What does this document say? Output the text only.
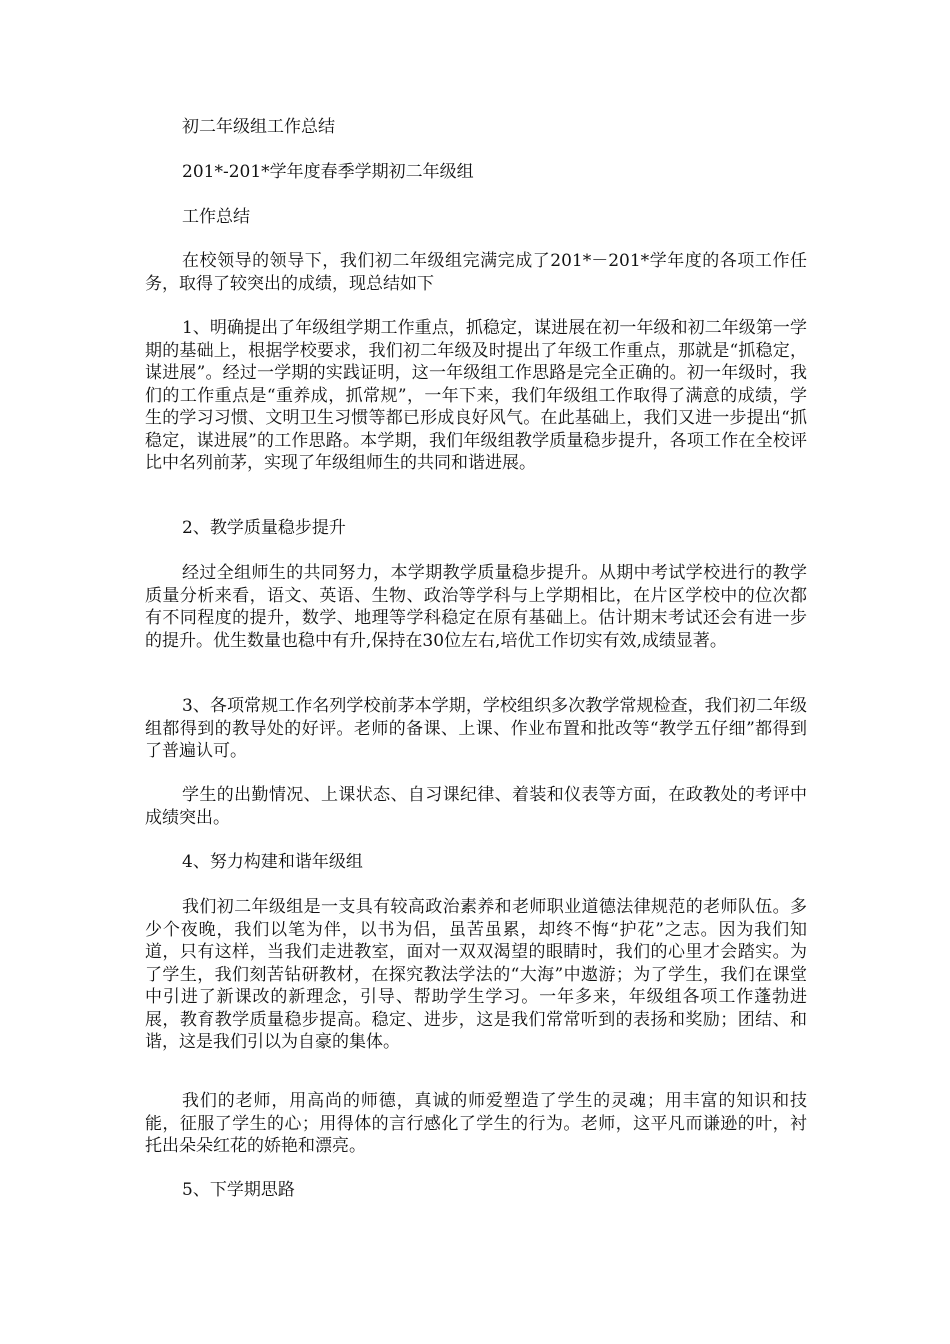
初二年级组工作总结

201*-201*学年度春季学期初二年级组

工作总结

在校领导的领导下，我们初二年级组完满完成了201*－201*学年度的各项工作任务，取得了较突出的成绩，现总结如下

1、明确提出了年级组学期工作重点，抓稳定，谋进展在初一年级和初二年级第一学期的基础上，根据学校要求，我们初二年级及时提出了年级工作重点，那就是“抓稳定，谋进展”。经过一学期的实践证明，这一年级组工作思路是完全正确的。初一年级时，我们的工作重点是“重养成，抓常规”，一年下来，我们年级组工作取得了满意的成绩，学生的学习习惯、文明卫生习惯等都已形成良好风气。在此基础上，我们又进一步提出“抓稳定，谋进展”的工作思路。本学期，我们年级组教学质量稳步提升，各项工作在全校评比中名列前茅，实现了年级组师生的共同和谐进展。

2、教学质量稳步提升

经过全组师生的共同努力，本学期教学质量稳步提升。从期中考试学校进行的教学质量分析来看，语文、英语、生物、政治等学科与上学期相比，在片区学校中的位次都有不同程度的提升，数学、地理等学科稳定在原有基础上。估计期末考试还会有进一步的提升。优生数量也稳中有升,保持在30位左右,培优工作切实有效,成绩显著。

3、各项常规工作名列学校前茅本学期，学校组织多次教学常规检查，我们初二年级组都得到的教导处的好评。老师的备课、上课、作业布置和批改等“教学五仔细”都得到了普遍认可。

学生的出勤情况、上课状态、自习课纪律、着装和仪表等方面，在政教处的考评中成绩突出。

4、努力构建和谐年级组

我们初二年级组是一支具有较高政治素养和老师职业道德法律规范的老师队伍。多少个夜晚，我们以笔为伴，以书为侣，虽苦虽累，却终不悔“护花”之志。因为我们知道，只有这样，当我们走进教室，面对一双双渴望的眼睛时，我们的心里才会踏实。为了学生，我们刻苦钻研教材，在探究教法学法的“大海”中遨游；为了学生，我们在课堂中引进了新课改的新理念，引导、帮助学生学习。一年多来，年级组各项工作蓬勃进展，教育教学质量稳步提高。稳定、进步，这是我们常常听到的表扬和奖励；团结、和谐，这是我们引以为自豪的集体。

我们的老师，用高尚的师德，真诚的师爱塑造了学生的灵魂；用丰富的知识和技能，征服了学生的心；用得体的言行感化了学生的行为。老师，这平凡而谦逊的叶，衬托出朵朵红花的娇艳和漂亮。

5、下学期思路
